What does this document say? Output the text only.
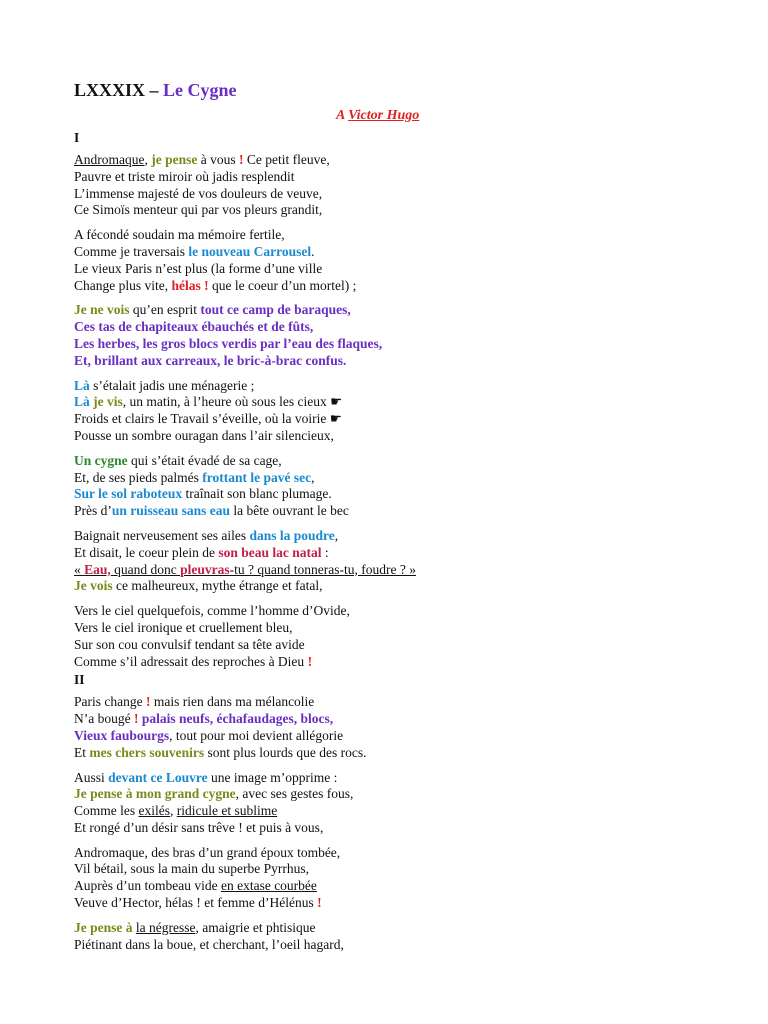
LXXXIX – Le Cygne
A Victor Hugo
I
Andromaque, je pense à vous ! Ce petit fleuve,
Pauvre et triste miroir où jadis resplendit
L’immense majesté de vos douleurs de veuve,
Ce Simoïs menteur qui par vos pleurs grandit,
A fécondé soudain ma mémoire fertile,
Comme je traversais le nouveau Carrousel.
Le vieux Paris n’est plus (la forme d’une ville
Change plus vite, hélas ! que le coeur d’un mortel) ;
Je ne vois qu’en esprit tout ce camp de baraques,
Ces tas de chapiteaux ébauchés et de fûts,
Les herbes, les gros blocs verdis par l’eau des flaques,
Et, brillant aux carreaux, le bric-à-brac confus.
Là s’étalait jadis une ménagerie ;
Là je vis, un matin, à l’heure où sous les cieux ☛
Froids et clairs le Travail s’éveille, où la voirie ☛
Pousse un sombre ouragan dans l’air silencieux,
Un cygne qui s’était évadé de sa cage,
Et, de ses pieds palmés frottant le pavé sec,
Sur le sol raboteux traînait son blanc plumage.
Près d’un ruisseau sans eau la bête ouvrant le bec
Baignait nerveusement ses ailes dans la poudre,
Et disait, le coeur plein de son beau lac natal :
« Eau, quand donc pleuvras-tu ? quand tonneras-tu, foudre ? »
Je vois ce malheureux, mythe étrange et fatal,
Vers le ciel quelquefois, comme l’homme d’Ovide,
Vers le ciel ironique et cruellement bleu,
Sur son cou convulsif tendant sa tête avide
Comme s’il adressait des reproches à Dieu !
II
Paris change ! mais rien dans ma mélancolie
N’a bougé ! palais neufs, échafaudages, blocs,
Vieux faubourgs, tout pour moi devient allégorie
Et mes chers souvenirs sont plus lourds que des rocs.
Aussi devant ce Louvre une image m’opprime :
Je pense à mon grand cygne, avec ses gestes fous,
Comme les exilés, ridicule et sublime
Et rongé d’un désir sans trêve ! et puis à vous,
Andromaque, des bras d’un grand époux tombée,
Vil bétail, sous la main du superbe Pyrrhus,
Auprès d’un tombeau vide en extase courbée
Veuve d’Hector, hélas ! et femme d’Hélénus !
Je pense à la négresse, amaigrie et phtisique
Piétinant dans la boue, et cherchant, l’oeil hagard,
